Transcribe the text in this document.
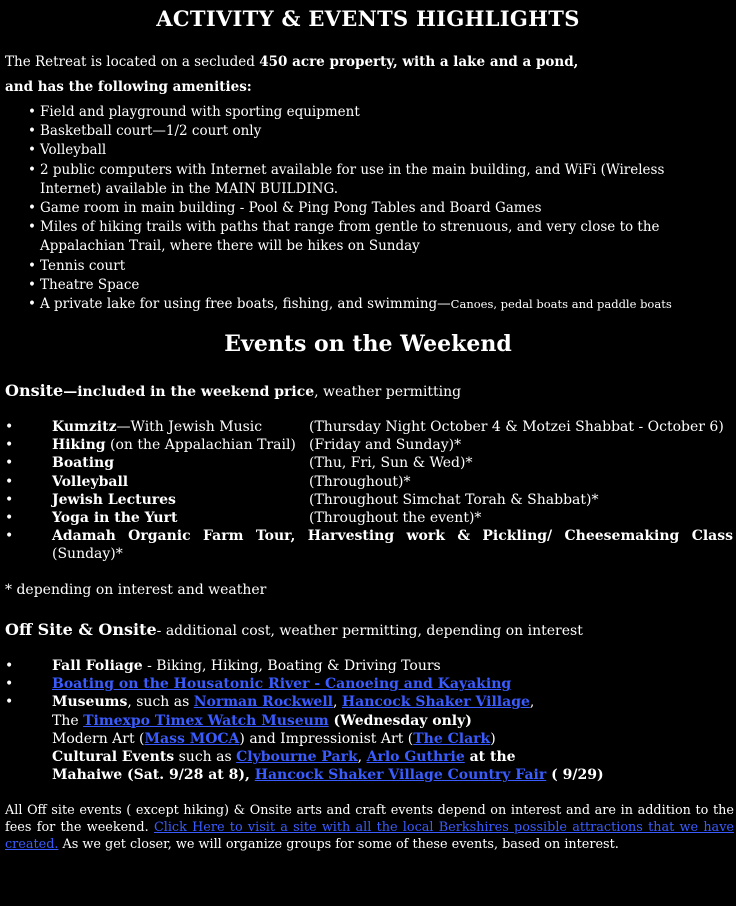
ACTIVITY & EVENTS HIGHLIGHTS
The Retreat is located on a secluded 450 acre property, with a lake and a pond,
and has the following amenities:
• Field and playground with sporting equipment
• Basketball court—1/2 court only
• Volleyball
• 2 public computers with Internet available for use in the main building, and WiFi (Wireless Internet) available in the MAIN BUILDING.
• Game room in main building - Pool & Ping Pong Tables and Board Games
• Miles of hiking trails with paths that range from gentle to strenuous, and very close to the Appalachian Trail, where there will be hikes on Sunday
• Tennis court
• Theatre Space
• A private lake for using free boats, fishing, and swimming—Canoes, pedal boats and paddle boats
Events on the Weekend
Onsite—included in the weekend price, weather permitting
•	Kumzitz—With Jewish Music	(Thursday Night October 4 & Motzei Shabbat - October 6)
•	Hiking (on the Appalachian Trail) (Friday and Sunday)*
•	Boating	(Thu, Fri, Sun & Wed)*
•	Volleyball	(Throughout)*
•	Jewish Lectures	(Throughout Simchat Torah & Shabbat)*
•	Yoga in the Yurt	(Throughout the event)*
•	Adamah Organic Farm Tour, Harvesting work & Pickling/ Cheesemaking Class
(Sunday)*
* depending on interest and weather
Off Site & Onsite- additional cost, weather permitting, depending on interest
•	Fall Foliage - Biking, Hiking, Boating & Driving Tours
•	Boating on the Housatonic River - Canoeing and Kayaking
•	Museums, such as Norman Rockwell, Hancock Shaker Village,
The Timexpo Timex Watch Museum (Wednesday only)
Modern Art (Mass MOCA) and Impressionist Art (The Clark)
Cultural Events such as Clybourne Park, Arlo Guthrie at the
Mahaiwe (Sat. 9/28 at 8), Hancock Shaker Village Country Fair ( 9/29)
All Off site events ( except hiking) & Onsite arts and craft events depend on interest and are in addition to the fees for the weekend. Click Here to visit a site with all the local Berkshires possible attractions that we have created. As we get closer, we will organize groups for some of these events, based on interest.
